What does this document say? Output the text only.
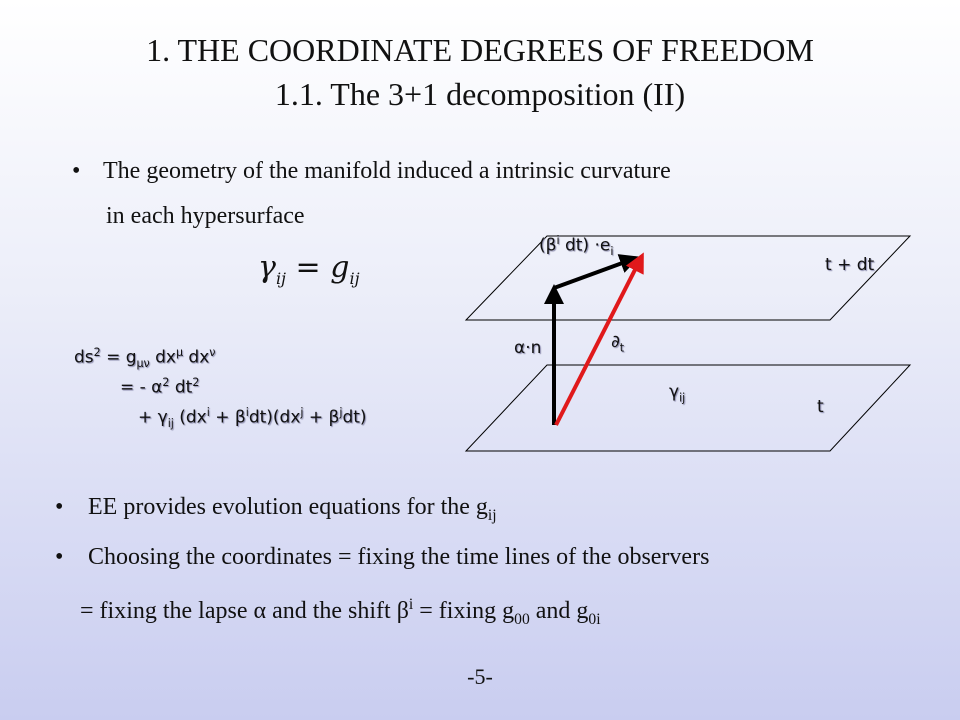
1. THE COORDINATE DEGREES OF FREEDOM
1.1. The 3+1 decomposition (II)
• The geometry of the manifold induced a intrinsic curvature
in each hypersurface
$\gamma_{ij} = g_{ij}$
$ds^2 = g_{\mu\nu}$ $dx^\mu$ $dx^\nu$
= - $\alpha^2$ $dt^2$
+ $\gamma_{ij}$ $(dx^i + \beta^idt)(dx^j + \beta^jdt)$
($\beta^i$ $dt) \cdot e_i$
t + dt
α·n	$\partial_t$
$\gamma_{ij}$	t
• EE provides evolution equations for the $g_{ij}$
• Choosing the coordinates = fixing the time lines of the observers
= fixing the lapse α and the shift $\beta^i$ = fixing $g_{00}$ and $g_{0i}$
-5-
